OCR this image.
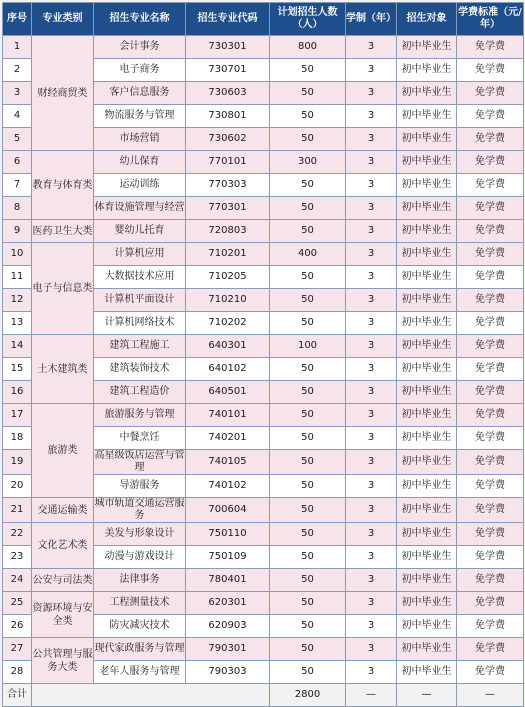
序号	专业类别	招生专业名称	招生专业代码	计划招生人数（人）	学制（年）	招生对象	学费标准（元/年）
1	财经商贸类	会计事务	730301	800	3	初中毕业生	免学费
2		电子商务	730701	50	3	初中毕业生	免学费
3		客户信息服务	730603	50	3	初中毕业生	免学费
4		物流服务与管理	730801	50	3	初中毕业生	免学费
5		市场营销	730602	50	3	初中毕业生	免学费
6	教育与体育类	幼儿保育	770101	300	3	初中毕业生	免学费
7		运动训练	770303	50	3	初中毕业生	免学费
8		体育设施管理与经营	770301	50	3	初中毕业生	免学费
9	医药卫生大类	婴幼儿托育	720803	50	3	初中毕业生	免学费
10	电子与信息类	计算机应用	710201	400	3	初中毕业生	免学费
11		大数据技术应用	710205	50	3	初中毕业生	免学费
12		计算机平面设计	710210	50	3	初中毕业生	免学费
13		计算机网络技术	710202	50	3	初中毕业生	免学费
14	土木建筑类	建筑工程施工	640301	100	3	初中毕业生	免学费
15		建筑装饰技术	640102	50	3	初中毕业生	免学费
16		建筑工程造价	640501	50	3	初中毕业生	免学费
17	旅游类	旅游服务与管理	740101	50	3	初中毕业生	免学费
18		中餐烹饪	740201	50	3	初中毕业生	免学费
19		高星级饭店运营与管理	740105	50	3	初中毕业生	免学费
20		导游服务	740102	50	3	初中毕业生	免学费
21	交通运输类	城市轨道交通运营服务	700604	50	3	初中毕业生	免学费
22	文化艺术类	美发与形象设计	750110	50	3	初中毕业生	免学费
23		动漫与游戏设计	750109	50	3	初中毕业生	免学费
24	公安与司法类	法律事务	780401	50	3	初中毕业生	免学费
25	资源环境与安全类	工程测量技术	620301	50	3	初中毕业生	免学费
26		防灾减灾技术	620903	50	3	初中毕业生	免学费
27	公共管理与服务大类	现代家政服务与管理	790301	50	3	初中毕业生	免学费
28		老年人服务与管理	790303	50	3	初中毕业生	免学费
合计				2800	—	—	—
